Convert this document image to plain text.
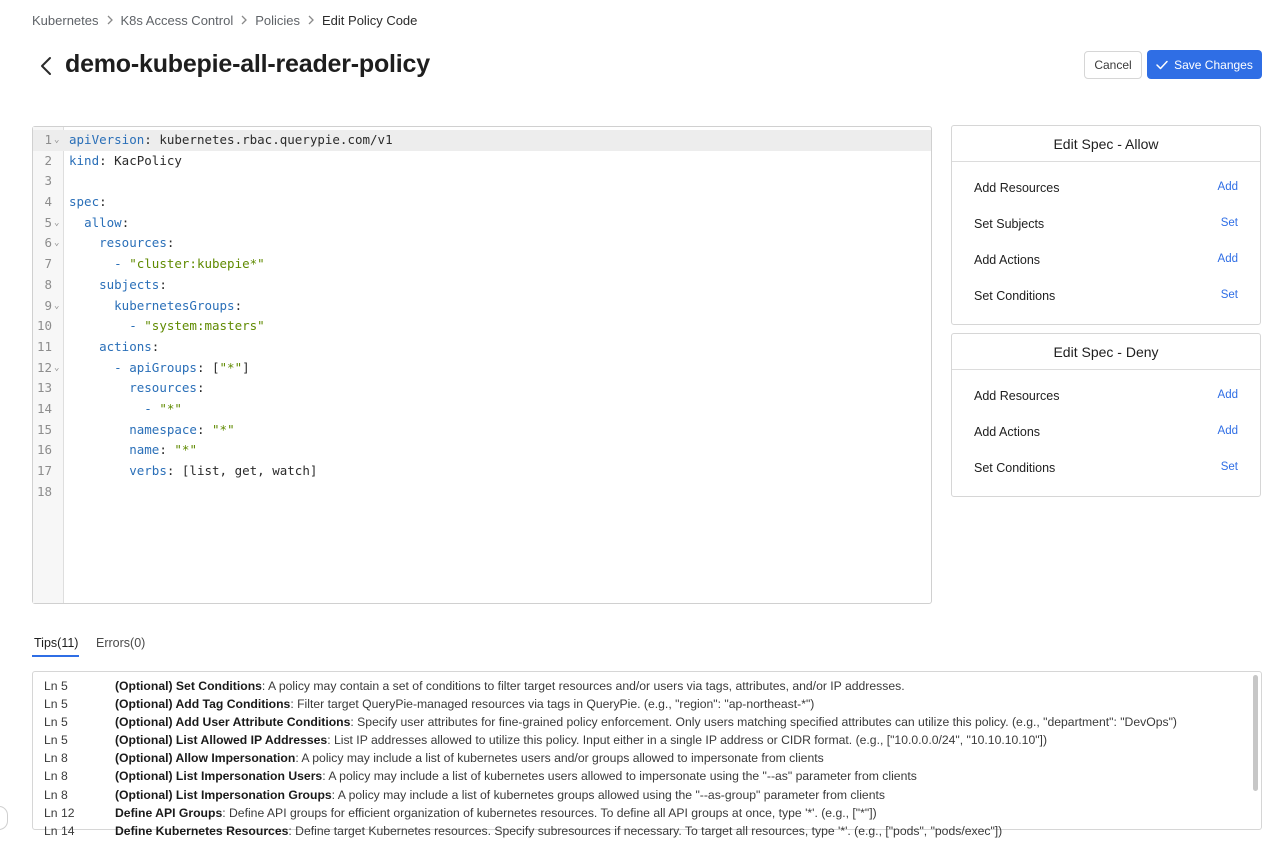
Kubernetes K8s Access Control Policies Edit Policy Code
demo-kubepie-all-reader-policy	Cancel	Save Changes
1 ⌄ apiVersion: kubernetes.rbac.querypie.com/v1
2 kind: KacPolicy
3
4 spec:
5 ⌄	allow:
6 ⌄	resources:
7	- "cluster:kubepie*"
8	subjects:
9 ⌄	kubernetesGroups:
10	- "system:masters"
11	actions:
12 ⌄	- apiGroups: ["*"]
13	resources:
14	- "*"
15	namespace: "*"
16	name: "*"
17	verbs: [list, get, watch]
18
Edit Spec - Allow
Add Resources	Add
Set Subjects	Set
Add Actions	Add
Set Conditions	Set
Edit Spec - Deny
Add Resources	Add
Add Actions	Add
Set Conditions	Set
Tips(11) Errors(0)
Ln 5	(Optional) Set Conditions: A policy may contain a set of conditions to filter target resources and/or users via tags, attributes, and/or IP addresses.
Ln 5	(Optional) Add Tag Conditions: Filter target QueryPie-managed resources via tags in QueryPie. (e.g., "region": "ap-northeast-*")
Ln 5	(Optional) Add User Attribute Conditions: Specify user attributes for fine-grained policy enforcement. Only users matching specified attributes can utilize this policy. (e.g., "department": "DevOps")
Ln 5	(Optional) List Allowed IP Addresses: List IP addresses allowed to utilize this policy. Input either in a single IP address or CIDR format. (e.g., ["10.0.0.0/24", "10.10.10.10"])
Ln 8	(Optional) Allow Impersonation: A policy may include a list of kubernetes users and/or groups allowed to impersonate from clients
Ln 8	(Optional) List Impersonation Users: A policy may include a list of kubernetes users allowed to impersonate using the "--as" parameter from clients
Ln 8	(Optional) List Impersonation Groups: A policy may include a list of kubernetes groups allowed using the "--as-group" parameter from clients
Ln 12	Define API Groups: Define API groups for efficient organization of kubernetes resources. To define all API groups at once, type '*'. (e.g., ["*"])
Ln 14	Define Kubernetes Resources: Define target Kubernetes resources. Specify subresources if necessary. To target all resources, type '*'. (e.g., ["pods", "pods/exec"])
